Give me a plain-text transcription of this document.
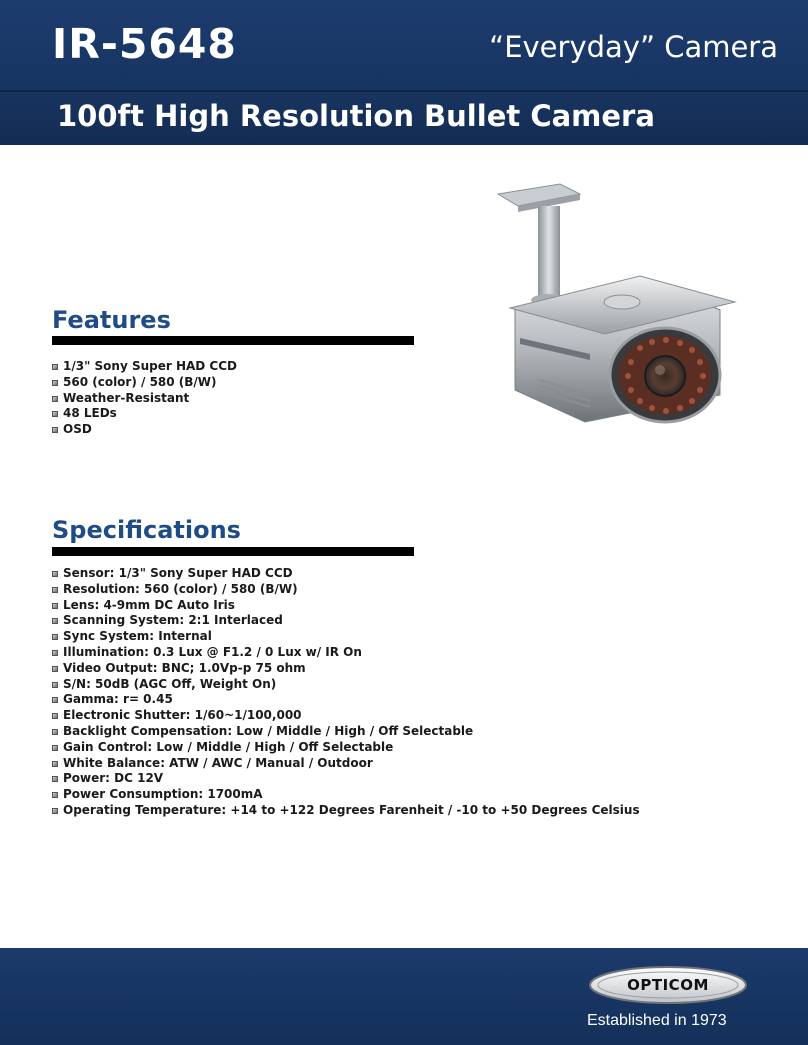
IR-5648	“Everyday” Camera
100ft High Resolution Bullet Camera
Features
1/3" Sony Super HAD CCD
560 (color) / 580 (B/W)
Weather-Resistant
48 LEDs
OSD
Specifications
Sensor: 1/3" Sony Super HAD CCD
Resolution: 560 (color) / 580 (B/W)
Lens: 4-9mm DC Auto Iris
Scanning System: 2:1 Interlaced
Sync System: Internal
Illumination: 0.3 Lux @ F1.2 / 0 Lux w/ IR On
Video Output: BNC; 1.0Vp-p 75 ohm
S/N: 50dB (AGC Off, Weight On)
Gamma: r= 0.45
Electronic Shutter: 1/60~1/100,000
Backlight Compensation: Low / Middle / High / Off Selectable
Gain Control: Low / Middle / High / Off Selectable
White Balance: ATW / AWC / Manual / Outdoor
Power: DC 12V
Power Consumption: 1700mA
Operating Temperature: +14 to +122 Degrees Farenheit / -10 to +50 Degrees Celsius
OPTICOM
Established in 1973
